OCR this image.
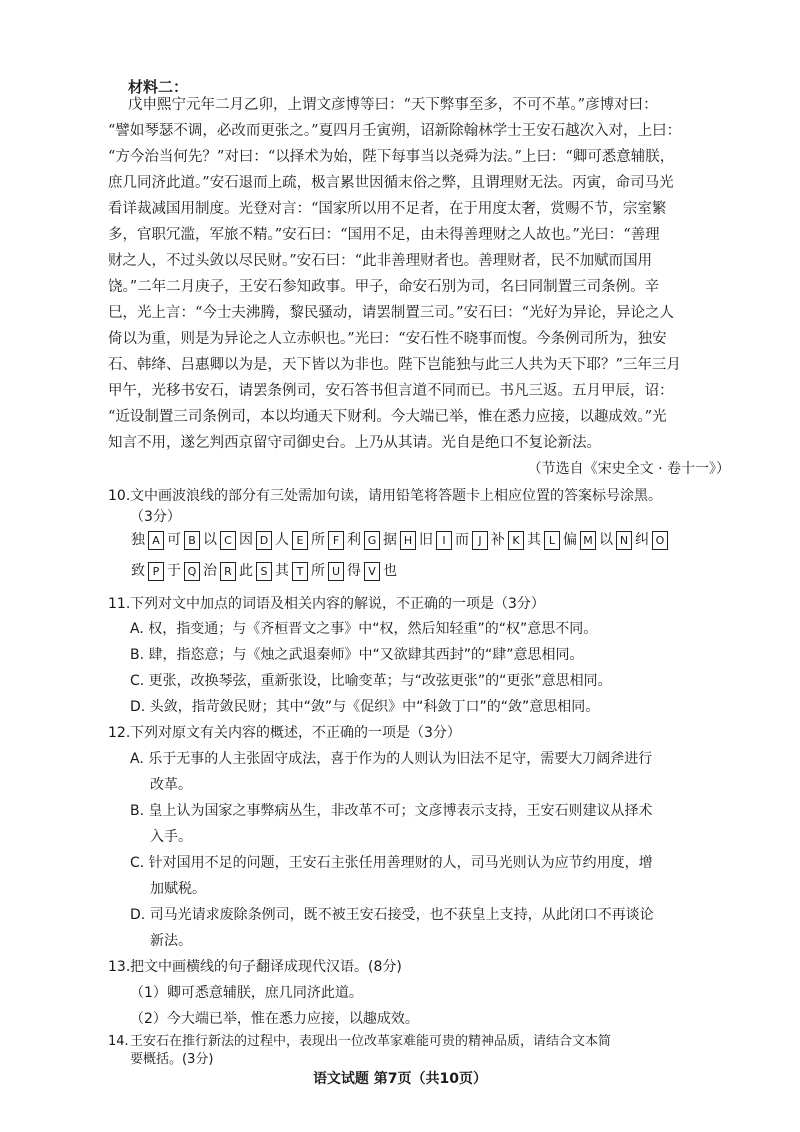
材料二：
戊申熙宁元年二月乙卯，上谓文彦博等曰：“天下弊事至多，不可不革。”彦博对曰：
“譬如琴瑟不调，必改而更张之。”夏四月壬寅朔，诏新除翰林学士王安石越次入对，上曰：
“方今治当何先？”对曰：“以择术为始，陛下每事当以尧舜为法。”上曰：“卿可悉意辅朕，
庶几同济此道。”安石退而上疏，极言累世因循末俗之弊，且谓理财无法。丙寅，命司马光
看详裁减国用制度。光登对言：“国家所以用不足者，在于用度太奢，赏赐不节，宗室繁
多，官职冗滥，军旅不精。”安石曰：“国用不足，由未得善理财之人故也。”光曰：“善理
财之人，不过头敛以尽民财。”安石曰：“此非善理财者也。善理财者，民不加赋而国用
饶。”二年二月庚子，王安石参知政事。甲子，命安石别为司，名曰同制置三司条例。辛
巳，光上言：“今士夫沸腾，黎民骚动，请罢制置三司。”安石曰：“光好为异论，异论之人
倚以为重，则是为异论之人立赤帜也。”光曰：“安石性不晓事而愎。今条例司所为，独安
石、韩绛、吕惠卿以为是，天下皆以为非也。陛下岂能独与此三人共为天下耶？”三年三月
甲午，光移书安石，请罢条例司，安石答书但言道不同而已。书凡三返。五月甲辰，诏：
“近设制置三司条例司，本以均通天下财利。今大端已举，惟在悉力应接，以趣成效。”光
知言不用，遂乞判西京留守司御史台。上乃从其请。光自是绝口不复论新法。
（节选自《宋史全文 · 卷十一》）
10. 文中画波浪线的部分有三处需加句读，请用铅笔将答题卡上相应位置的答案标号涂黑。
（3分）
独 A 可 B 以 C 因 D 人 E 所 F 利 G 据 H 旧 I 而 J 补 K 其 L 偏 M 以 N 纠 O
致 P 于 Q 治 R 此 S 其 T 所 U 得 V 也
11. 下列对文中加点的词语及相关内容的解说，不正确的一项是（3分）
A. 权，指变通；与《齐桓晋文之事》中“权，然后知轻重”的“权”意思不同。
B. 肆，指恣意；与《烛之武退秦师》中“又欲肆其西封”的“肆”意思相同。
C. 更张，改换琴弦，重新张设，比喻变革；与“改弦更张”的“更张”意思相同。
D. 头敛，指苛敛民财；其中“敛”与《促织》中“科敛丁口”的“敛”意思相同。
12. 下列对原文有关内容的概述，不正确的一项是（3分）
A. 乐于无事的人主张固守成法，喜于作为的人则认为旧法不足守，需要大刀阔斧进行
改革。
B. 皇上认为国家之事弊病丛生，非改革不可；文彦博表示支持，王安石则建议从择术
入手。
C. 针对国用不足的问题，王安石主张任用善理财的人，司马光则认为应节约用度，增
加赋税。
D. 司马光请求废除条例司，既不被王安石接受，也不获皇上支持，从此闭口不再谈论
新法。
13. 把文中画横线的句子翻译成现代汉语。(8分)
（1）卿可悉意辅朕，庶几同济此道。
（2）今大端已举，惟在悉力应接，以趣成效。
14. 王安石在推行新法的过程中，表现出一位改革家难能可贵的精神品质，请结合文本简
语文试题 第7页（共10页）
要概括。(3分)
